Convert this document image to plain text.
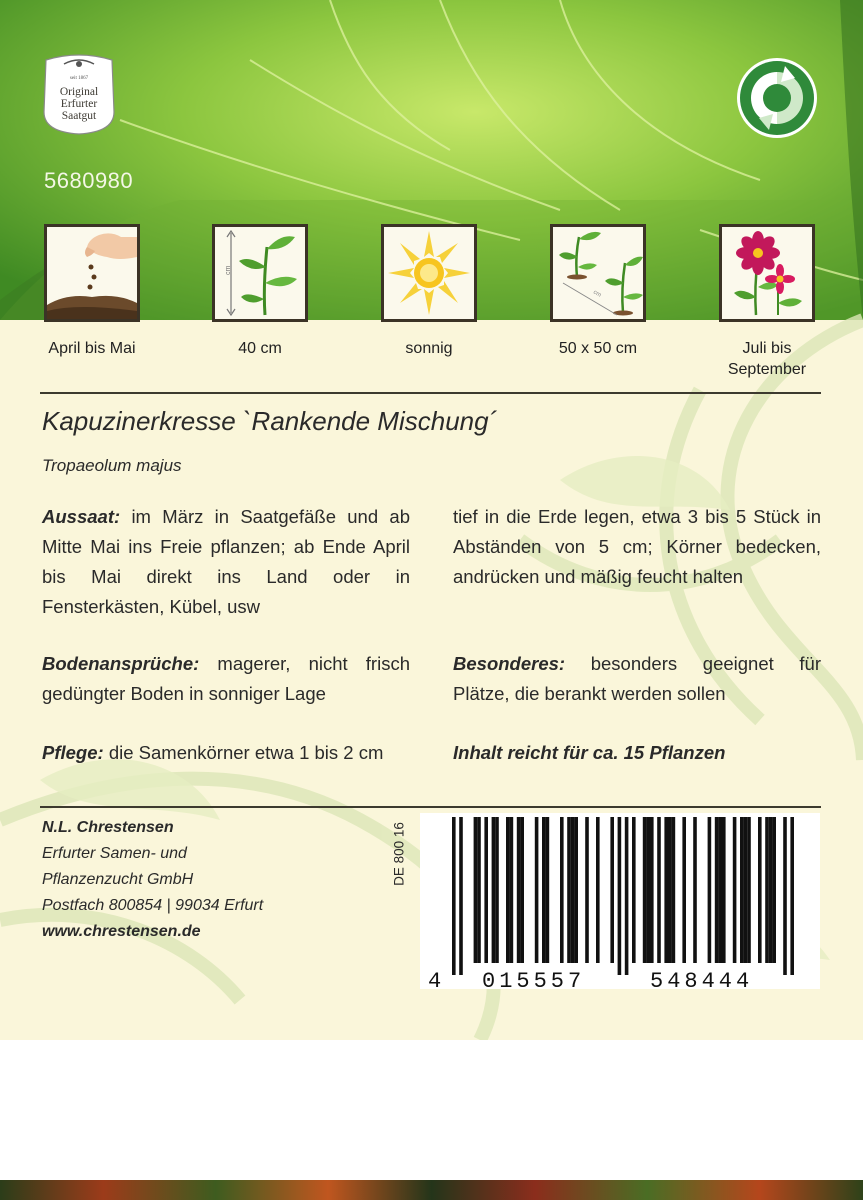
seit 1867
Original
Erfurter
Saatgut
5680980
cm
cm
April bis Mai	40 cm	sonnig	50 x 50 cm	Juli bis September
Kapuzinerkresse `Rankende Mischung´
Tropaeolum majus
Aussaat: im März in Saatgefäße und ab Mitte Mai ins Freie pflanzen; ab Ende April bis Mai direkt ins Land oder in Fensterkästen, Kübel, usw
Bodenansprüche: magerer, nicht frisch gedüngter Boden in sonniger Lage
Pflege: die Samenkörner etwa 1 bis 2 cm
tief in die Erde legen, etwa 3 bis 5 Stück in Abständen von 5 cm; Körner bedecken, andrücken und mäßig feucht halten
Besonderes: besonders geeignet für Plätze, die berankt werden sollen
Inhalt reicht für ca. 15 Pflanzen
N.L. Chrestensen
Erfurter Samen- und
Pflanzenzucht GmbH
Postfach 800854 | 99034 Erfurt
www.chrestensen.de
DE 800 16
4 015557	548444
